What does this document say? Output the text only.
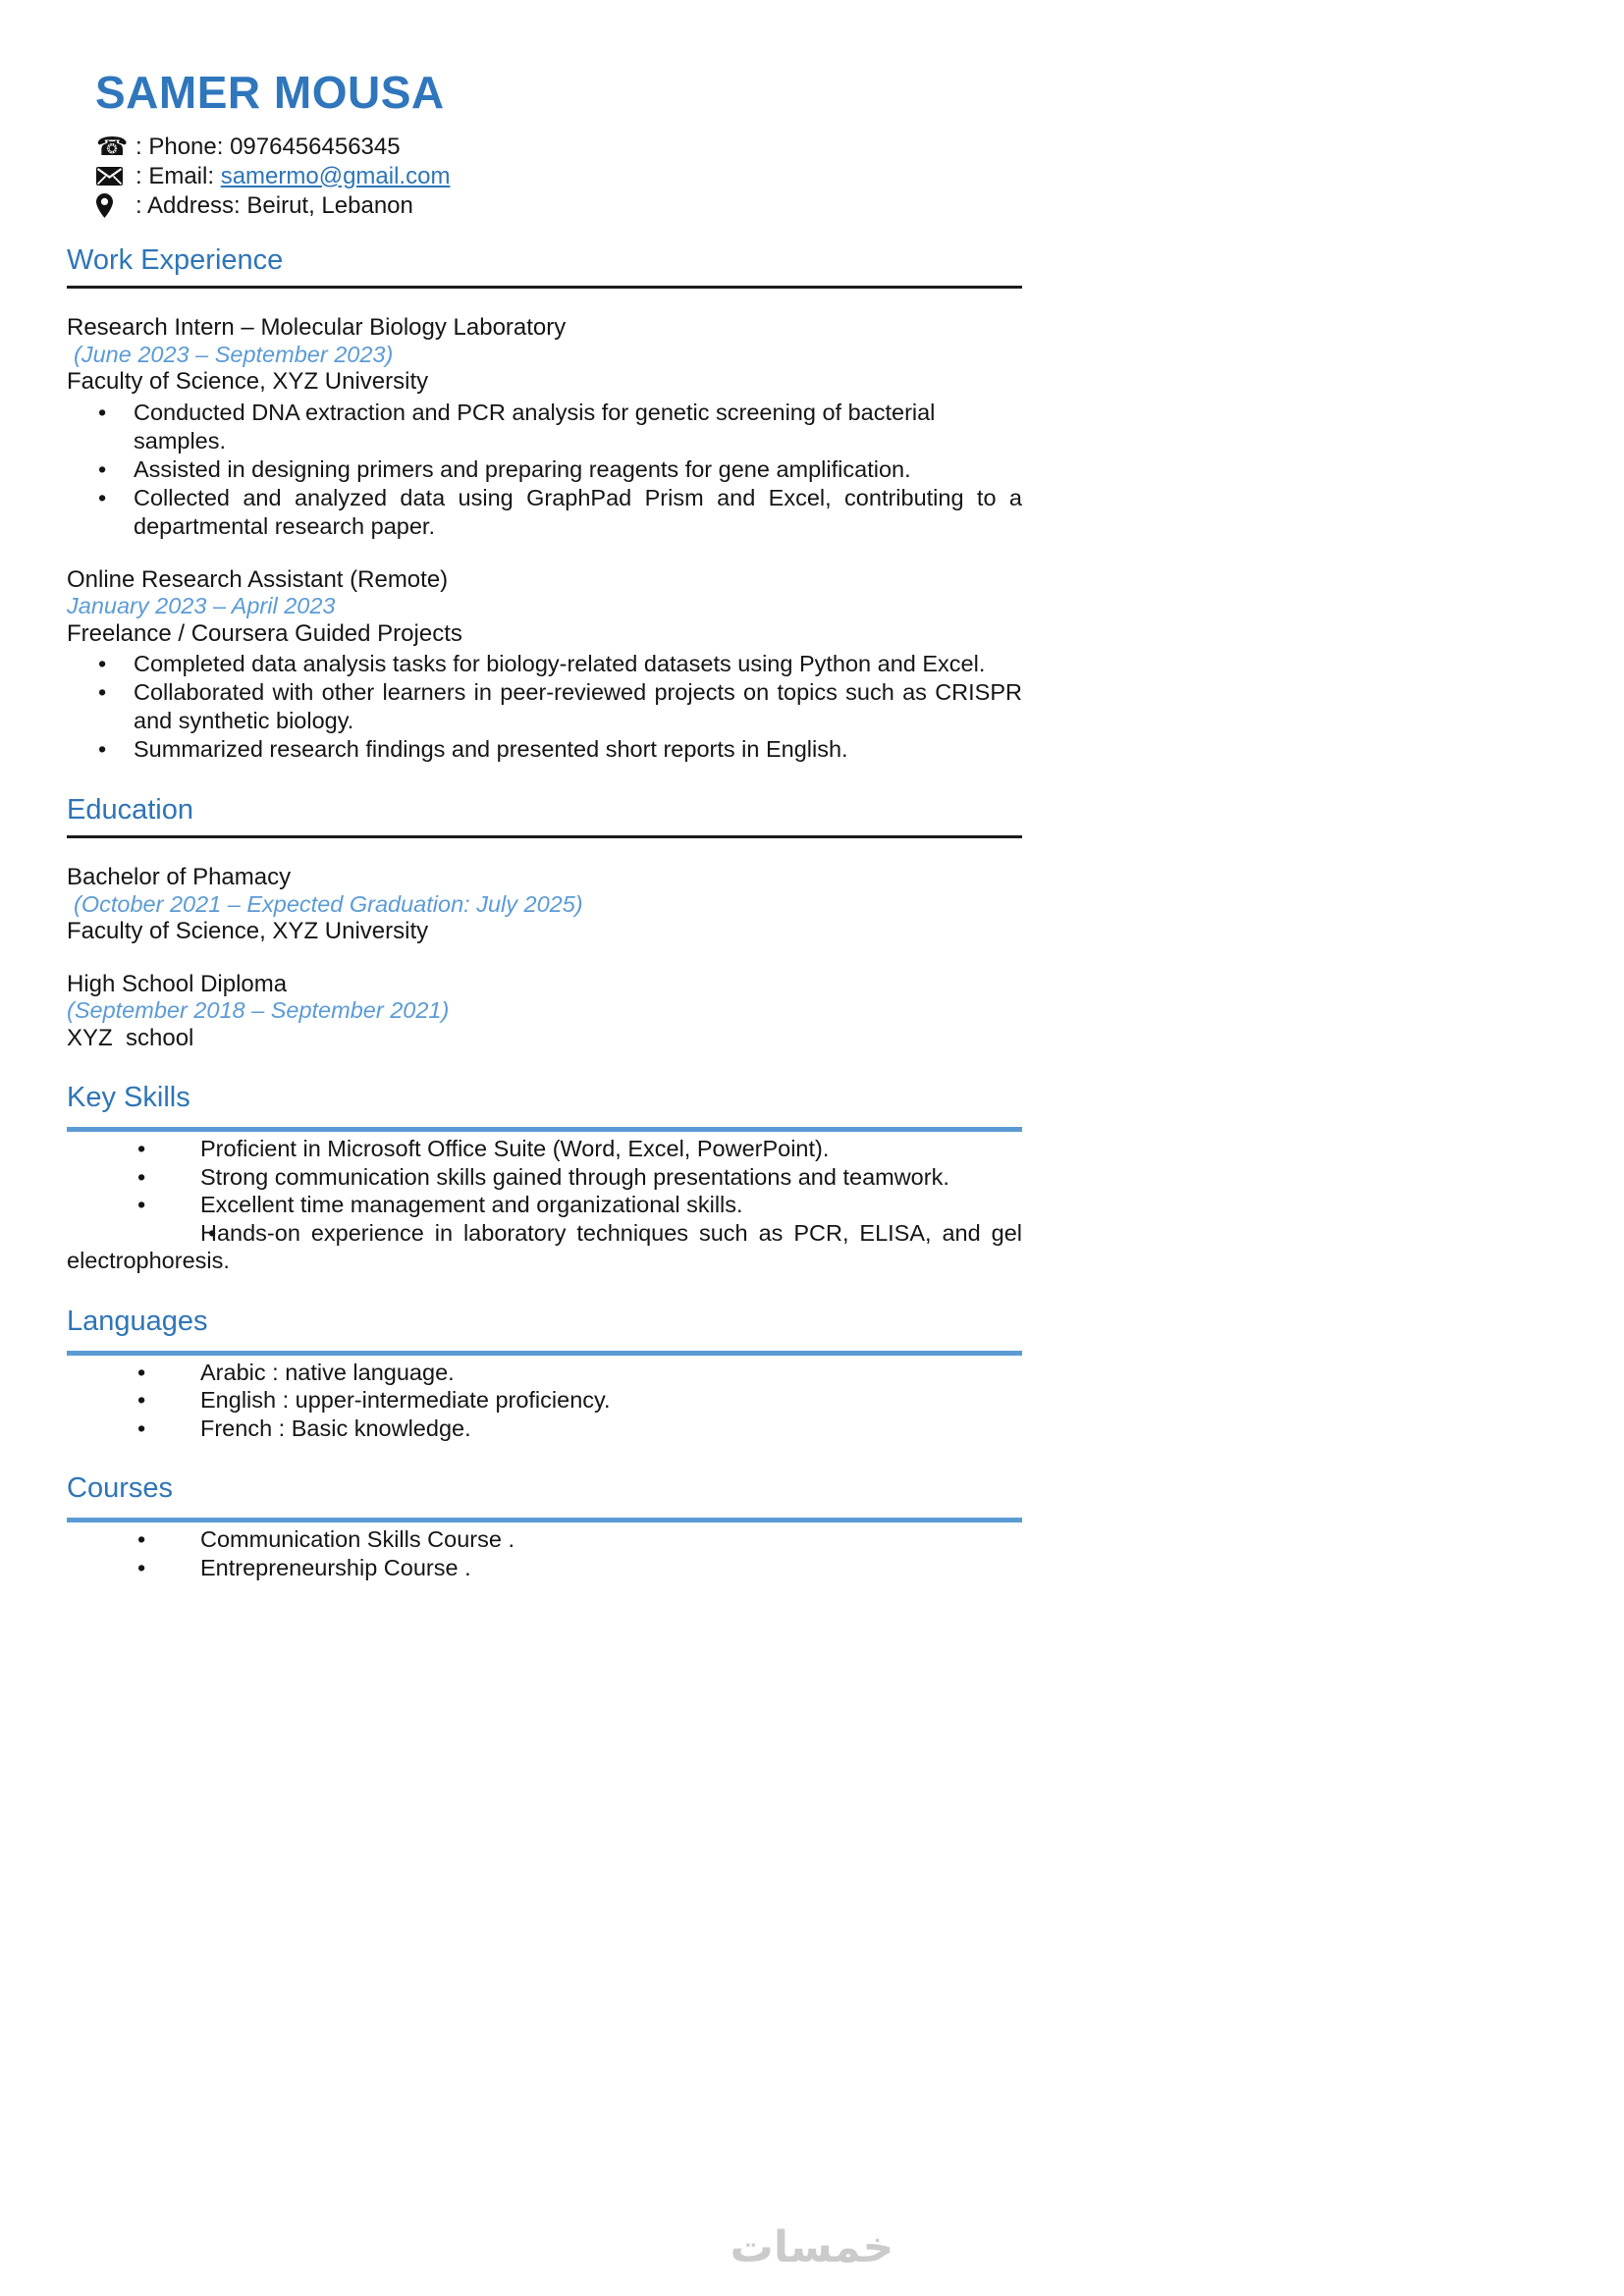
SAMER MOUSA
☎ : Phone: 0976456456345
: Email: samermo@gmail.com
: Address: Beirut, Lebanon
Work Experience
Research Intern – Molecular Biology Laboratory
(June 2023 – September 2023)
Faculty of Science, XYZ University
• Conducted DNA extraction and PCR analysis for genetic screening of bacterial samples.
• Assisted in designing primers and preparing reagents for gene amplification.
• Collected and analyzed data using GraphPad Prism and Excel, contributing to a departmental research paper.
Online Research Assistant (Remote)
January 2023 – April 2023
Freelance / Coursera Guided Projects
• Completed data analysis tasks for biology-related datasets using Python and Excel.
• Collaborated with other learners in peer-reviewed projects on topics such as CRISPR and synthetic biology.
• Summarized research findings and presented short reports in English.
Education
Bachelor of Phamacy
(October 2021 – Expected Graduation: July 2025)
Faculty of Science, XYZ University
High School Diploma
(September 2018 – September 2021)
XYZ  school
Key Skills
• Proficient in Microsoft Office Suite (Word, Excel, PowerPoint).
• Strong communication skills gained through presentations and teamwork.
• Excellent time management and organizational skills.
• Hands-on experience in laboratory techniques such as PCR, ELISA, and gel electrophoresis.
Languages
• Arabic : native language.
• English : upper-intermediate proficiency.
• French : Basic knowledge.
Courses
• Communication Skills Course .
• Entrepreneurship Course .
خمسات
